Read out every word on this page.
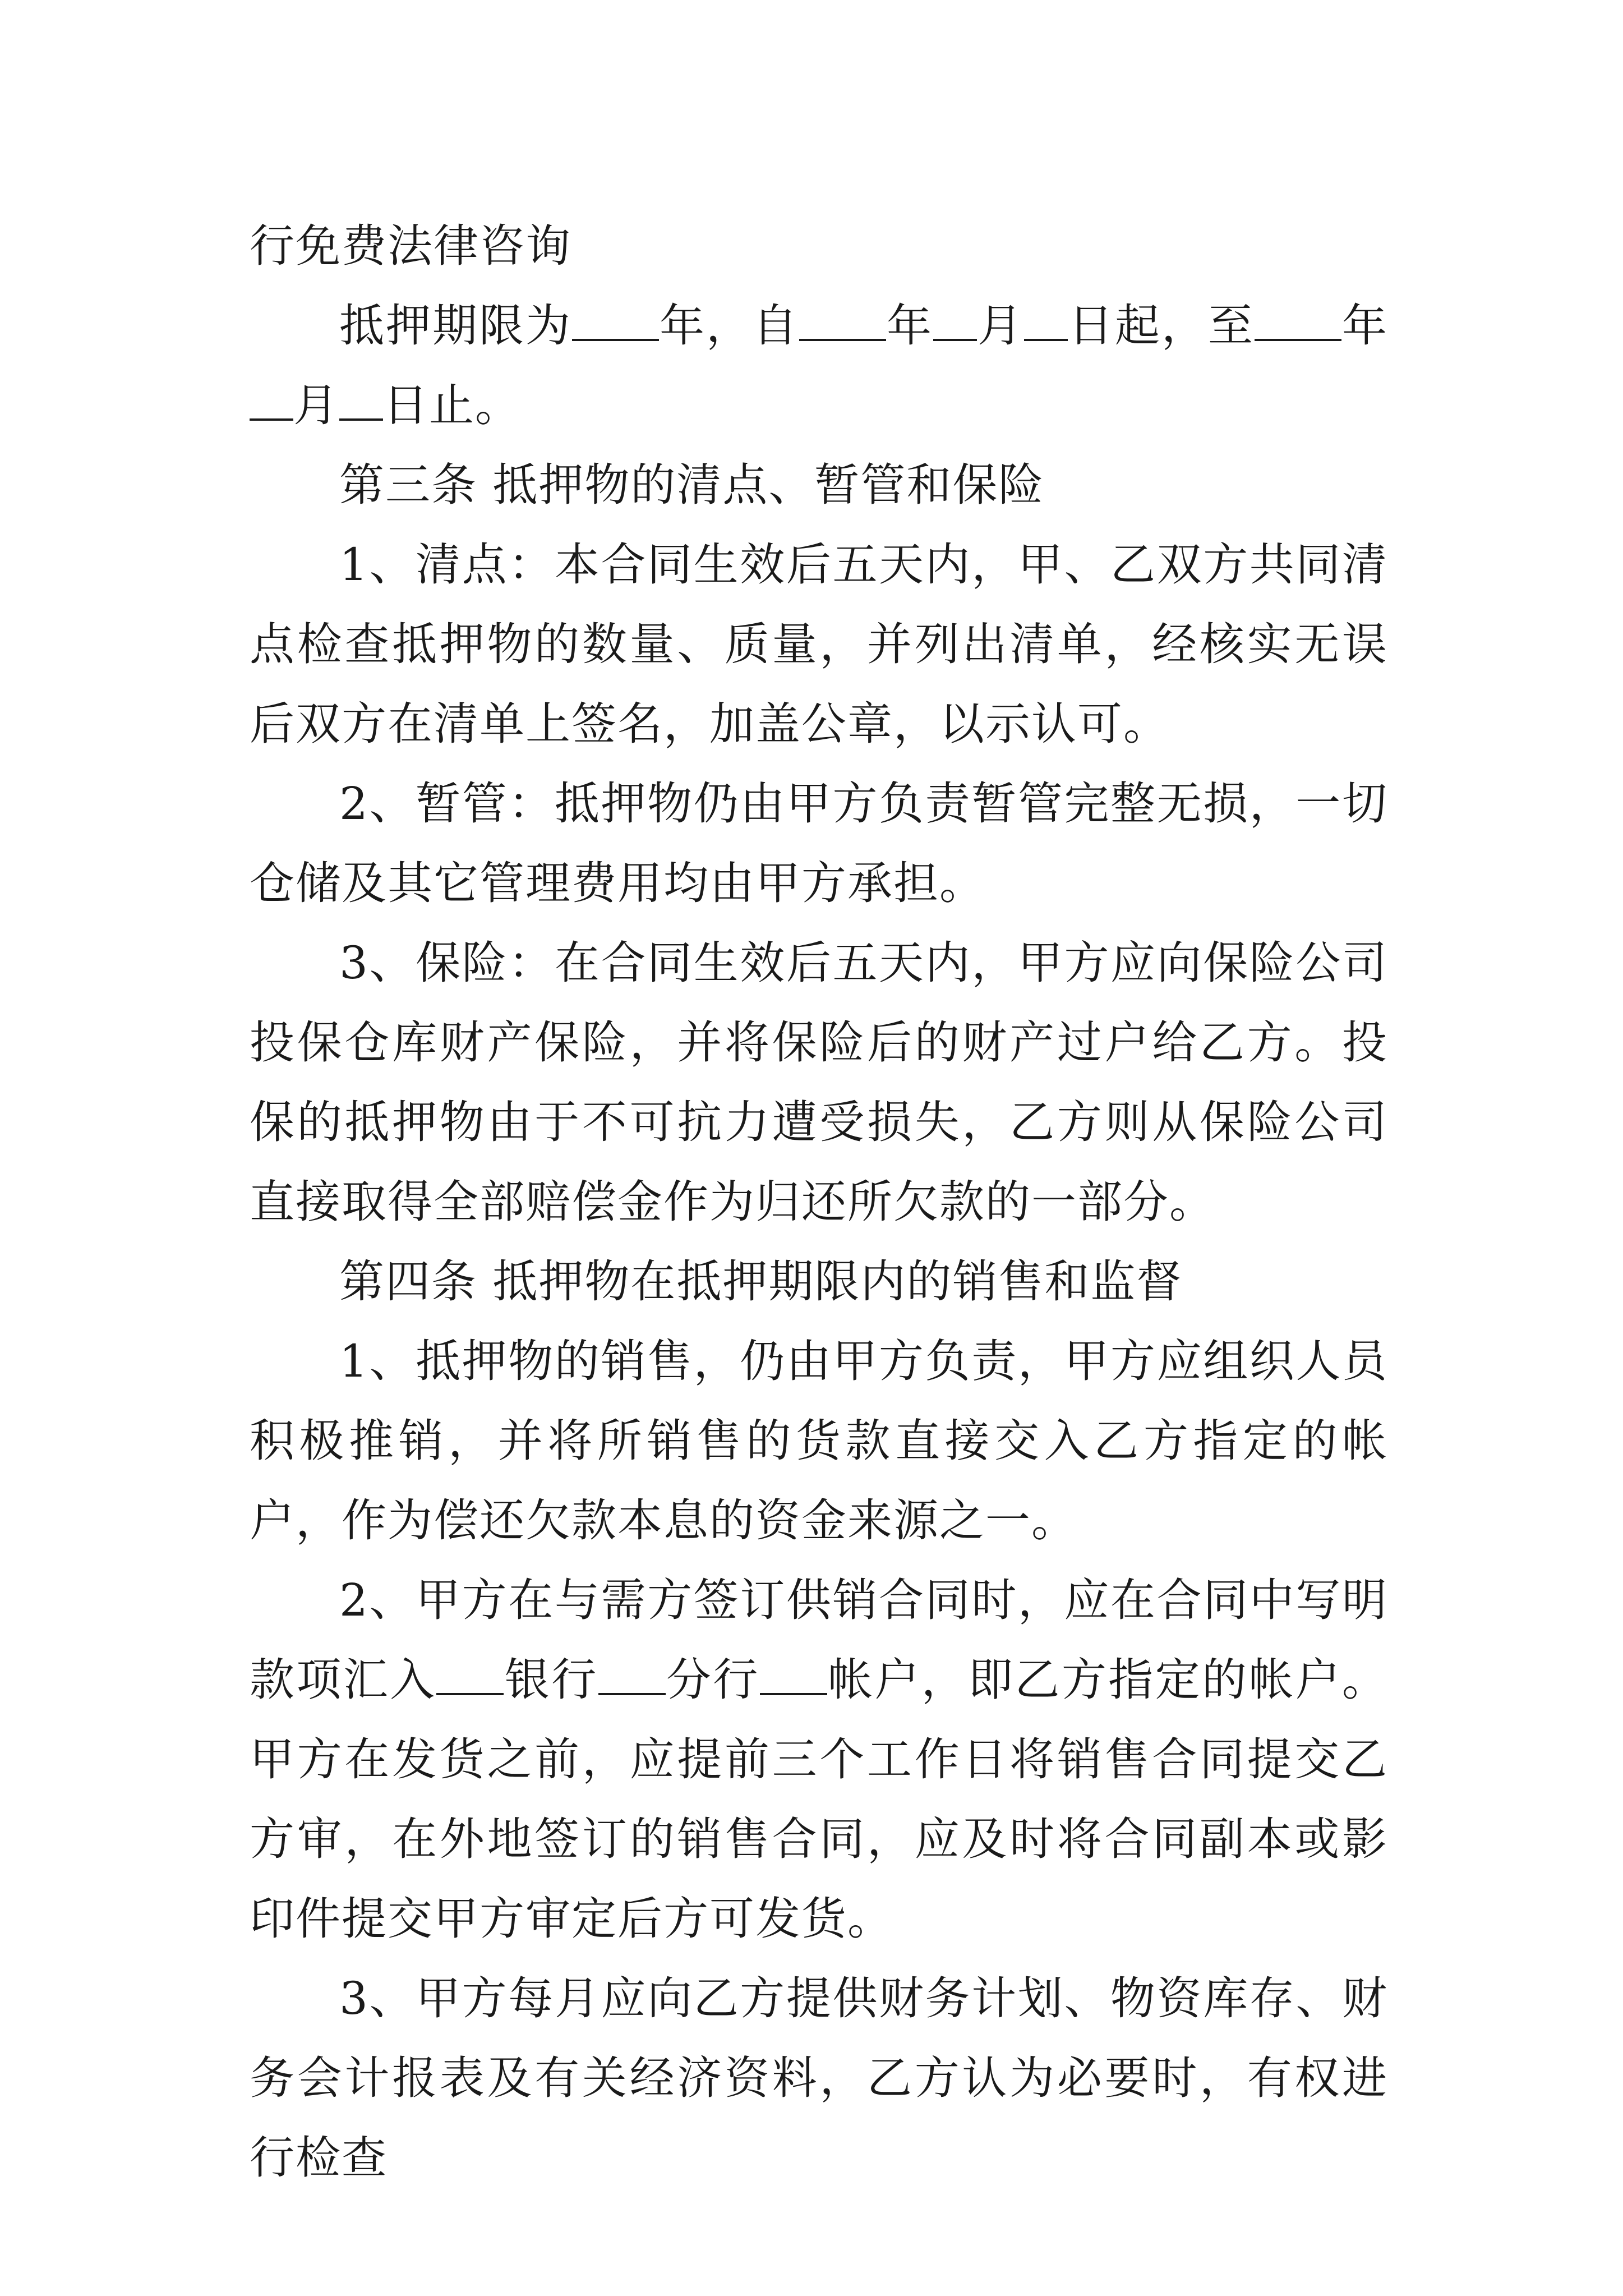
行免费法律咨询

抵押期限为 年，自 年 月 日起，至 年月 日止。

第三条 抵押物的清点、暂管和保险

1、清点：本合同生效后五天内，甲、乙双方共同清点检查抵押物的数量、质量，并列出清单，经核实无误后双方在清单上签名，加盖公章，以示认可。

2、暂管：抵押物仍由甲方负责暂管完整无损，一切仓储及其它管理费用均由甲方承担。

3、保险：在合同生效后五天内，甲方应向保险公司投保仓库财产保险，并将保险后的财产过户给乙方。投保的抵押物由于不可抗力遭受损失，乙方则从保险公司直接取得全部赔偿金作为归还所欠款的一部分。

第四条 抵押物在抵押期限内的销售和监督

1、抵押物的销售，仍由甲方负责，甲方应组织人员积极推销，并将所销售的货款直接交入乙方指定的帐户，作为偿还欠款本息的资金来源之一。

2、甲方在与需方签订供销合同时，应在合同中写明款项汇入 银行 分行 帐户，即乙方指定的帐户。甲方在发货之前，应提前三个工作日将销售合同提交乙方审，在外地签订的销售合同，应及时将合同副本或影印件提交甲方审定后方可发货。

3、甲方每月应向乙方提供财务计划、物资库存、财务会计报表及有关经济资料，乙方认为必要时，有权进行检查
